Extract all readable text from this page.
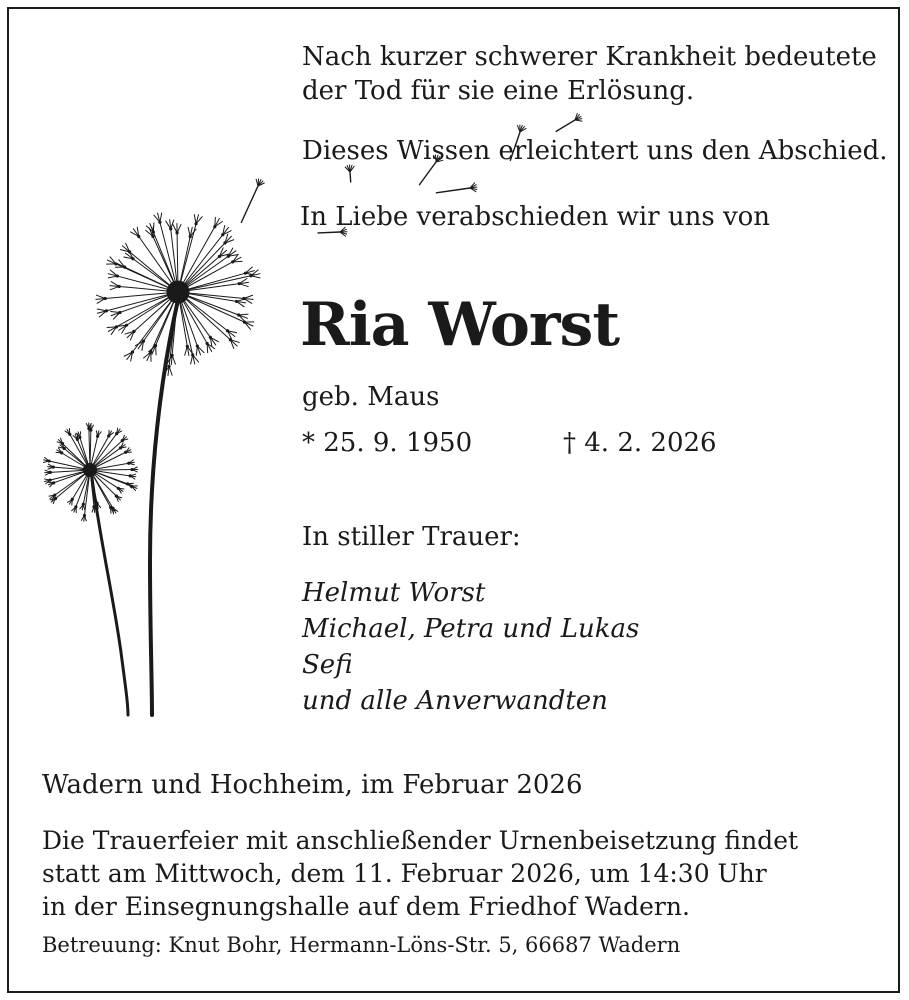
Nach kurzer schwerer Krankheit bedeutete
der Tod für sie eine Erlösung.
Dieses Wissen erleichtert uns den Abschied.
In Liebe verabschieden wir uns von
Ria Worst
geb. Maus
* 25. 9. 1950	† 4. 2. 2026
In stiller Trauer:
Helmut Worst
Michael, Petra und Lukas
Sefi
und alle Anverwandten
Wadern und Hochheim, im Februar 2026
Die Trauerfeier mit anschließender Urnenbeisetzung findet
statt am Mittwoch, dem 11. Februar 2026, um 14:30 Uhr
in der Einsegnungshalle auf dem Friedhof Wadern.
Betreuung: Knut Bohr, Hermann-Löns-Str. 5, 66687 Wadern
